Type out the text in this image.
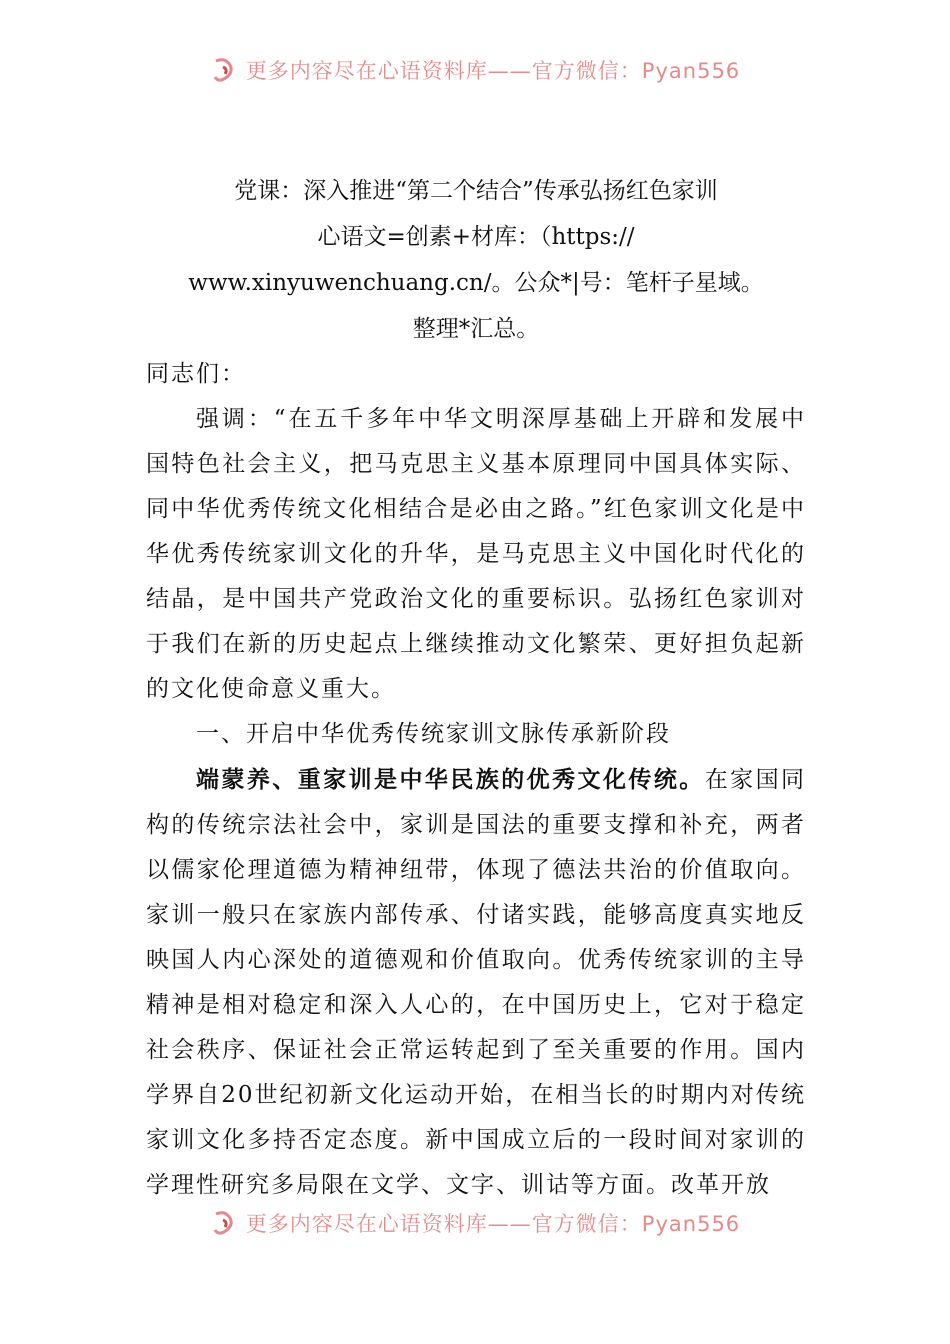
更多内容尽在心语资料库——官方微信：Pyan556

党课：深入推进“第二个结合”传承弘扬红色家训

心语文=创素+材库：（https://

www.xinyuwenchuang.cn/。公众*|号：笔杆子星域。

整理*汇总。

同志们：

强调：“在五千多年中华文明深厚基础上开辟和发展中国特色社会主义，把马克思主义基本原理同中国具体实际、同中华优秀传统文化相结合是必由之路。”红色家训文化是中华优秀传统家训文化的升华，是马克思主义中国化时代化的结晶，是中国共产党政治文化的重要标识。弘扬红色家训对于我们在新的历史起点上继续推动文化繁荣、更好担负起新的文化使命意义重大。

一、开启中华优秀传统家训文脉传承新阶段

端蒙养、重家训是中华民族的优秀文化传统。在家国同构的传统宗法社会中，家训是国法的重要支撑和补充，两者以儒家伦理道德为精神纽带，体现了德法共治的价值取向。家训一般只在家族内部传承、付诸实践，能够高度真实地反映国人内心深处的道德观和价值取向。优秀传统家训的主导精神是相对稳定和深入人心的，在中国历史上，它对于稳定社会秩序、保证社会正常运转起到了至关重要的作用。国内学界自20世纪初新文化运动开始，在相当长的时期内对传统家训文化多持否定态度。新中国成立后的一段时间对家训的学理性研究多局限在文学、文字、训诂等方面。改革开放

更多内容尽在心语资料库——官方微信：Pyan556
